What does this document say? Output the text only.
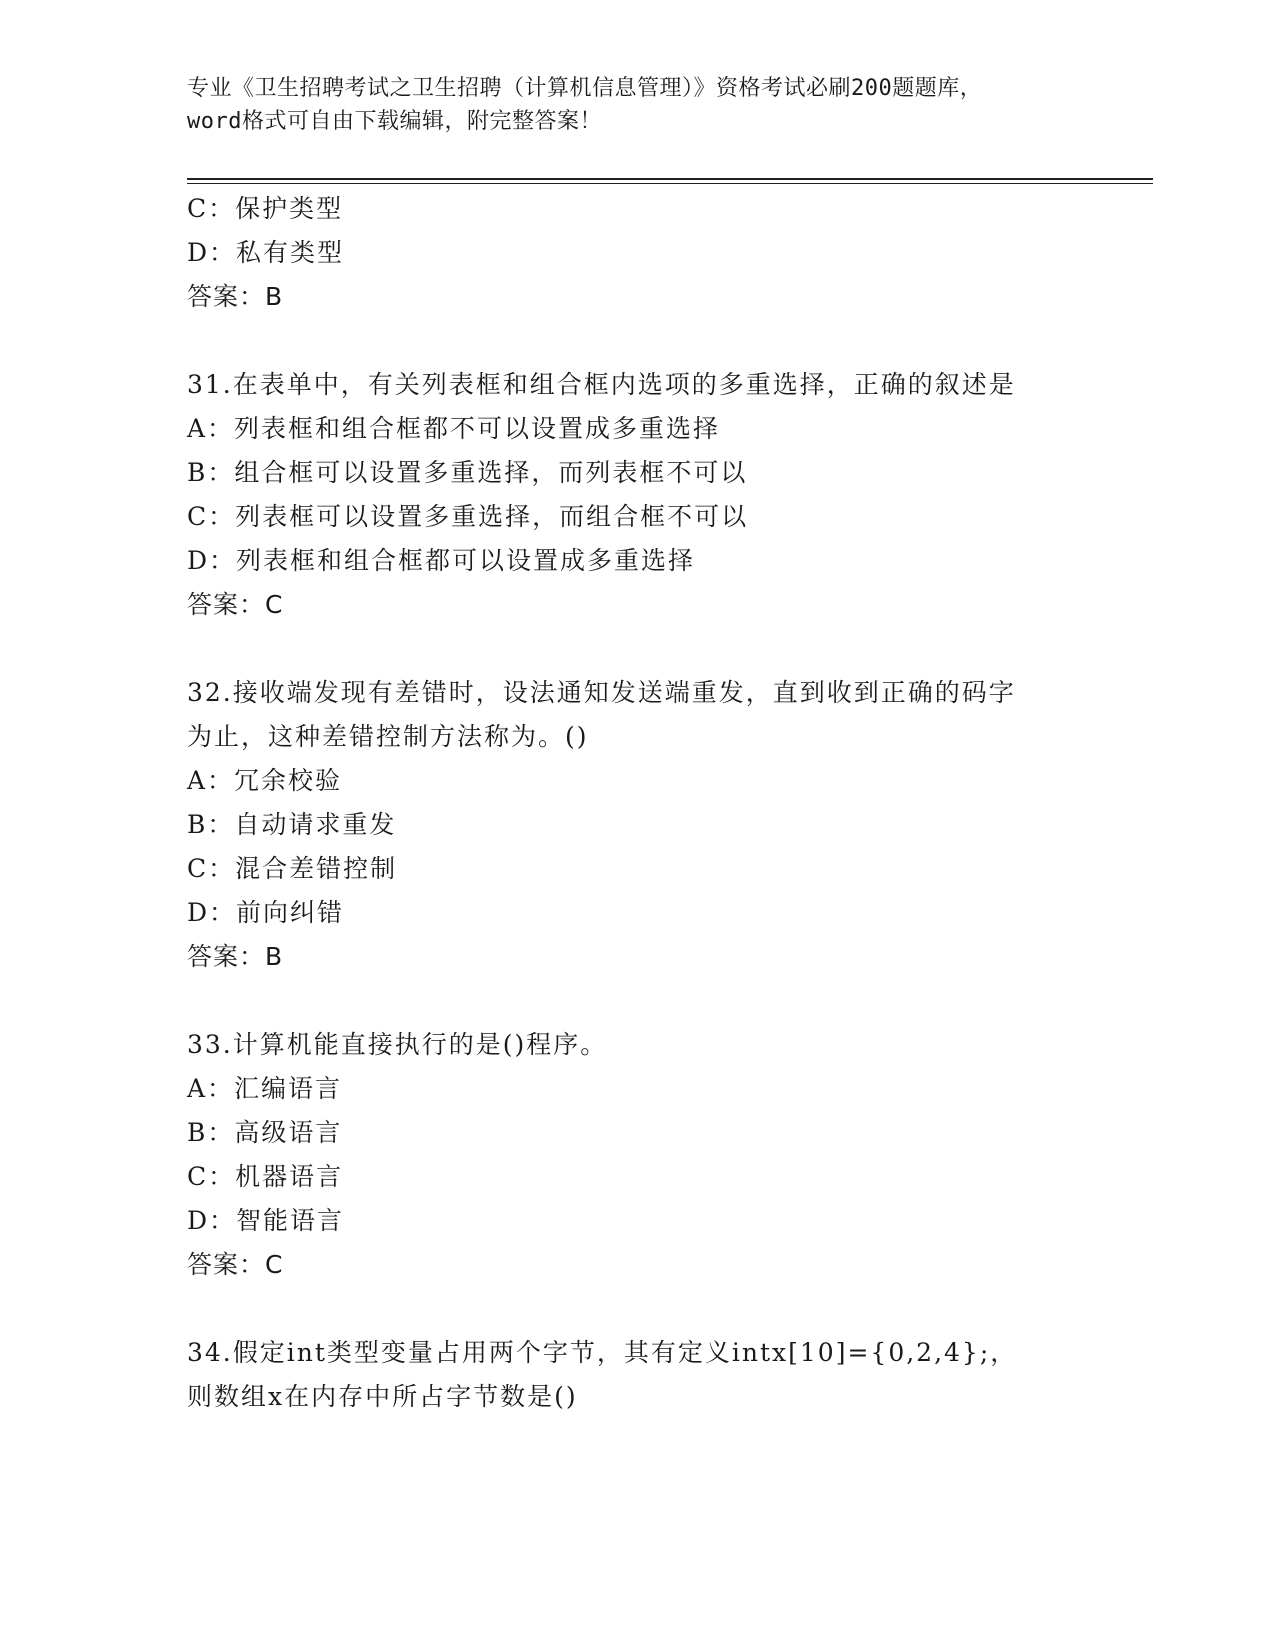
专业《卫生招聘考试之卫生招聘（计算机信息管理）》资格考试必刷200题题库，
word格式可自由下载编辑，附完整答案！
C：保护类型
D：私有类型
答案：B
31.在表单中，有关列表框和组合框内选项的多重选择，正确的叙述是
A：列表框和组合框都不可以设置成多重选择
B：组合框可以设置多重选择，而列表框不可以
C：列表框可以设置多重选择，而组合框不可以
D：列表框和组合框都可以设置成多重选择
答案：C
32.接收端发现有差错时，设法通知发送端重发，直到收到正确的码字
为止，这种差错控制方法称为。()
A：冗余校验
B：自动请求重发
C：混合差错控制
D：前向纠错
答案：B
33.计算机能直接执行的是()程序。
A：汇编语言
B：高级语言
C：机器语言
D：智能语言
答案：C
34.假定int类型变量占用两个字节，其有定义intx[10]={0,2,4};，
则数组x在内存中所占字节数是()
